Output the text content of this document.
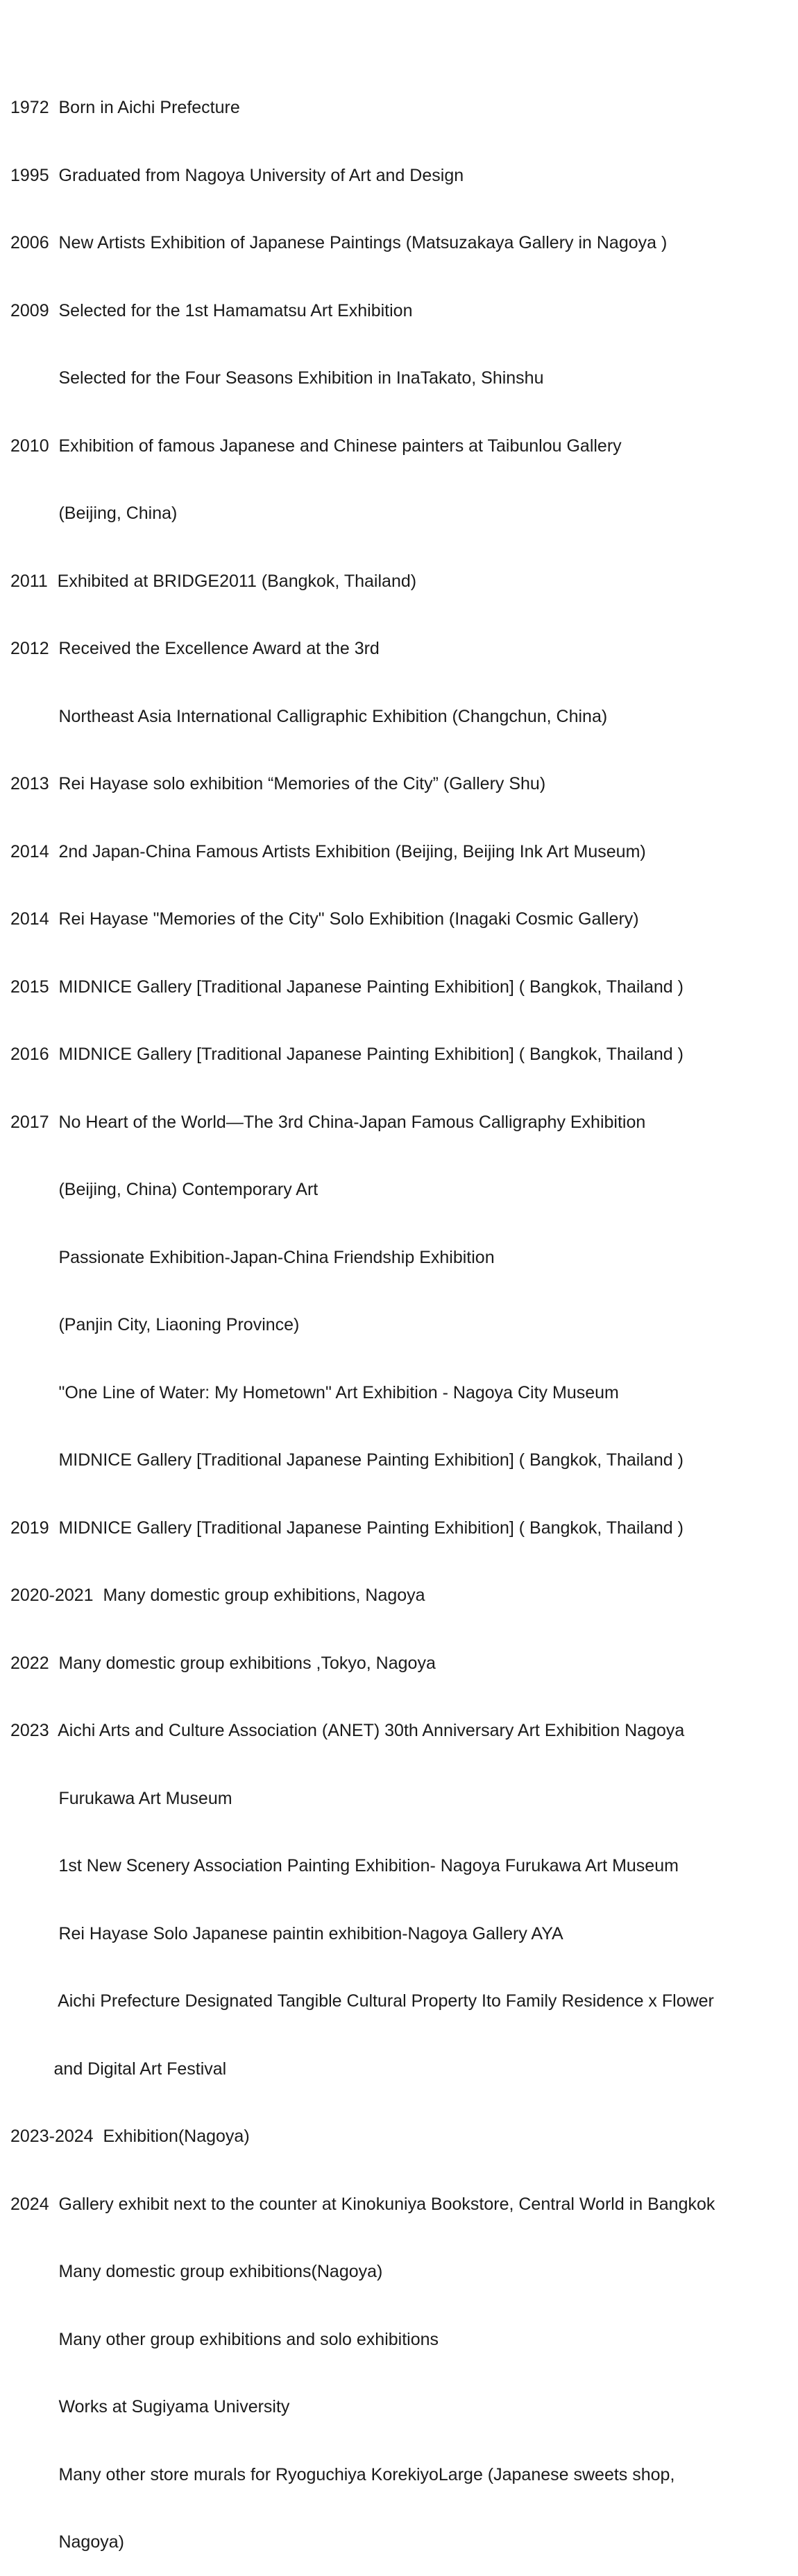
1972  Born in Aichi Prefecture

1995  Graduated from Nagoya University of Art and Design

2006  New Artists Exhibition of Japanese Paintings (Matsuzakaya Gallery in Nagoya )

2009  Selected for the 1st Hamamatsu Art Exhibition

Selected for the Four Seasons Exhibition in InaTakato, Shinshu

2010  Exhibition of famous Japanese and Chinese painters at Taibunlou Gallery

(Beijing, China)

2011  Exhibited at BRIDGE2011 (Bangkok, Thailand)

2012  Received the Excellence Award at the 3rd

Northeast Asia International Calligraphic Exhibition (Changchun, China)

2013  Rei Hayase solo exhibition “Memories of the City” (Gallery Shu)

2014  2nd Japan-China Famous Artists Exhibition (Beijing, Beijing Ink Art Museum)

2014  Rei Hayase "Memories of the City" Solo Exhibition (Inagaki Cosmic Gallery)

2015  MIDNICE Gallery [Traditional Japanese Painting Exhibition] ( Bangkok, Thailand )

2016  MIDNICE Gallery [Traditional Japanese Painting Exhibition] ( Bangkok, Thailand )

2017  No Heart of the World—The 3rd China-Japan Famous Calligraphy Exhibition

(Beijing, China) Contemporary Art

Passionate Exhibition-Japan-China Friendship Exhibition

(Panjin City, Liaoning Province)

"One Line of Water: My Hometown" Art Exhibition - Nagoya City Museum

MIDNICE Gallery [Traditional Japanese Painting Exhibition] ( Bangkok, Thailand )

2019  MIDNICE Gallery [Traditional Japanese Painting Exhibition] ( Bangkok, Thailand )

2020-2021  Many domestic group exhibitions, Nagoya

2022  Many domestic group exhibitions ,Tokyo, Nagoya

2023  Aichi Arts and Culture Association (ANET) 30th Anniversary Art Exhibition Nagoya

Furukawa Art Museum

1st New Scenery Association Painting Exhibition- Nagoya Furukawa Art Museum

Rei Hayase Solo Japanese paintin exhibition-Nagoya Gallery AYA

Aichi Prefecture Designated Tangible Cultural Property Ito Family Residence x Flower

and Digital Art Festival

2023-2024  Exhibition(Nagoya)

2024  Gallery exhibit next to the counter at Kinokuniya Bookstore, Central World in Bangkok

Many domestic group exhibitions(Nagoya)

Many other group exhibitions and solo exhibitions

Works at Sugiyama University

Many other store murals for Ryoguchiya KorekiyoLarge (Japanese sweets shop,

Nagoya)
